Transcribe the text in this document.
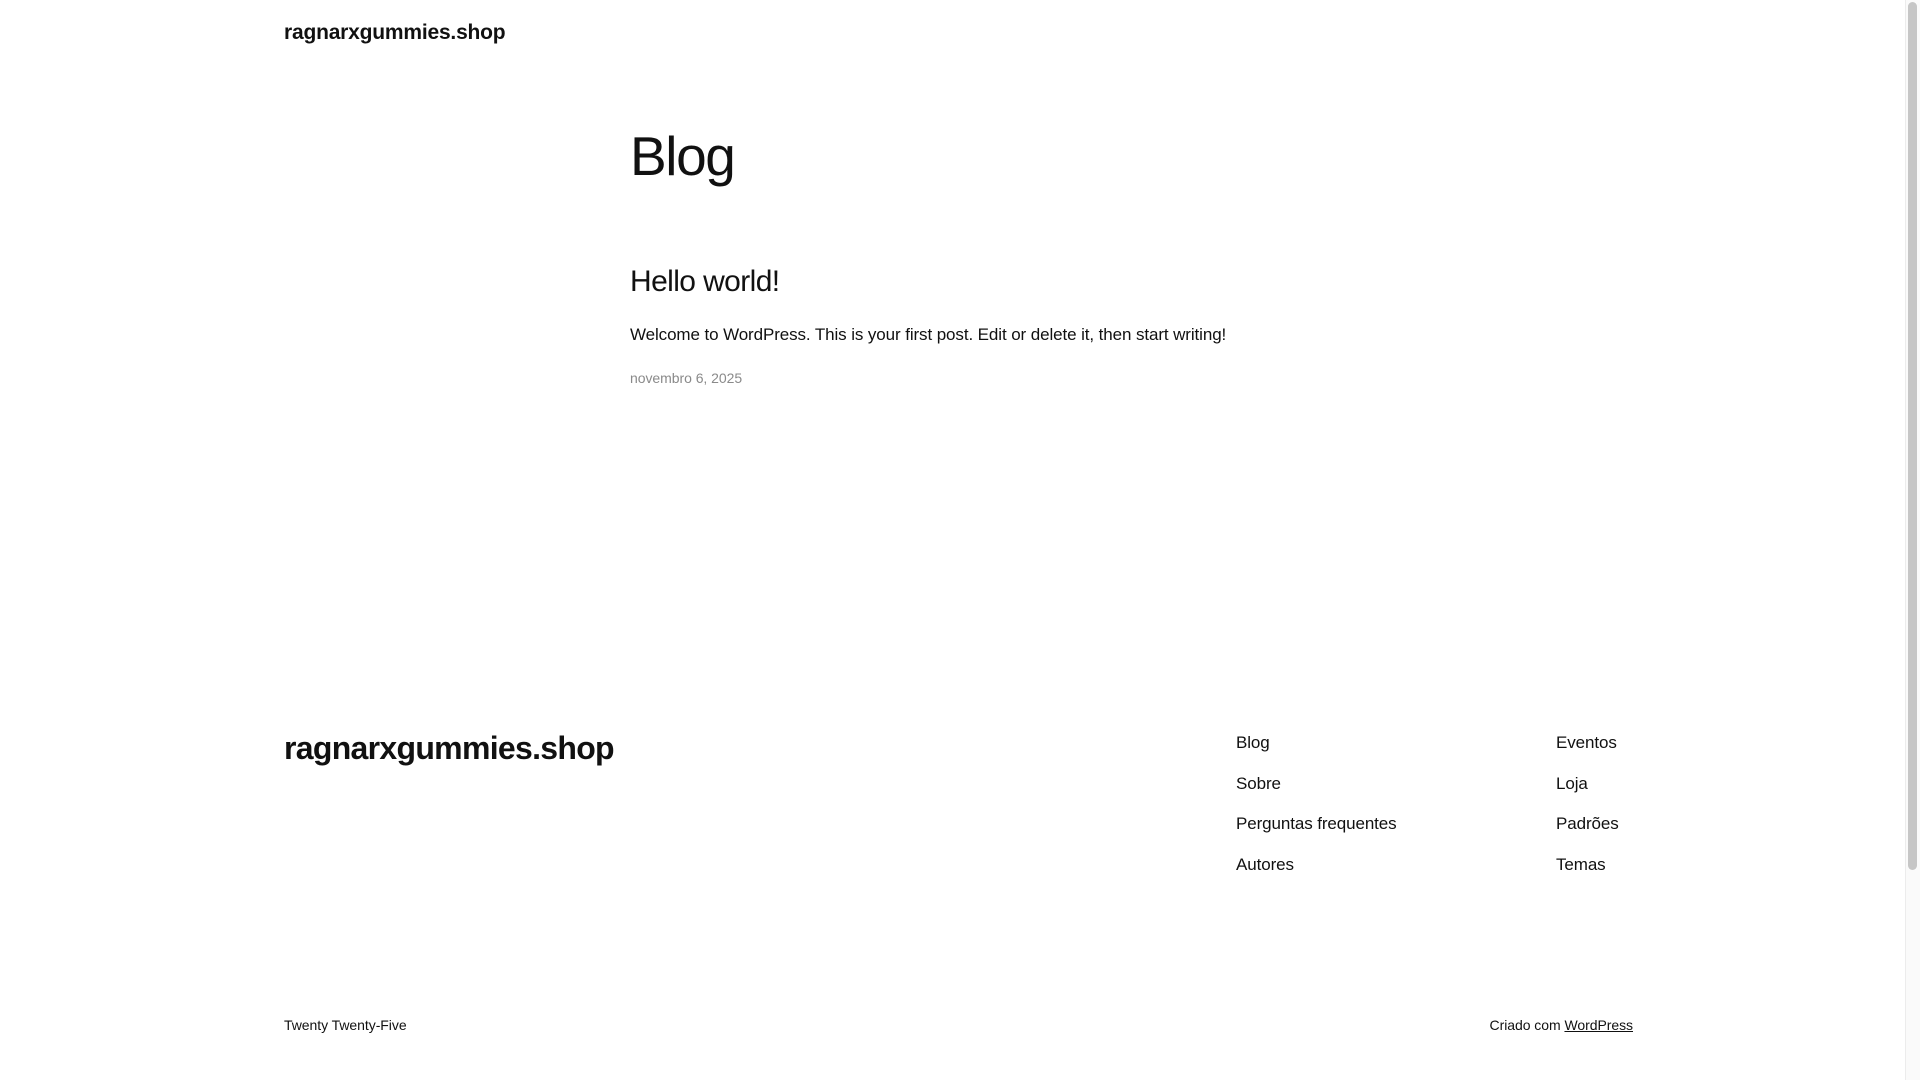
ragnarxgummies.shop
Blog
Hello world!

Welcome to WordPress. This is your first post. Edit or delete it, then start writing!

novembro 6, 2025
ragnarxgummies.shop	Blog
Sobre
Perguntas frequentes
Autores
Eventos
Loja
Padrões
Temas
Twenty Twenty-Five	Criado com WordPress
